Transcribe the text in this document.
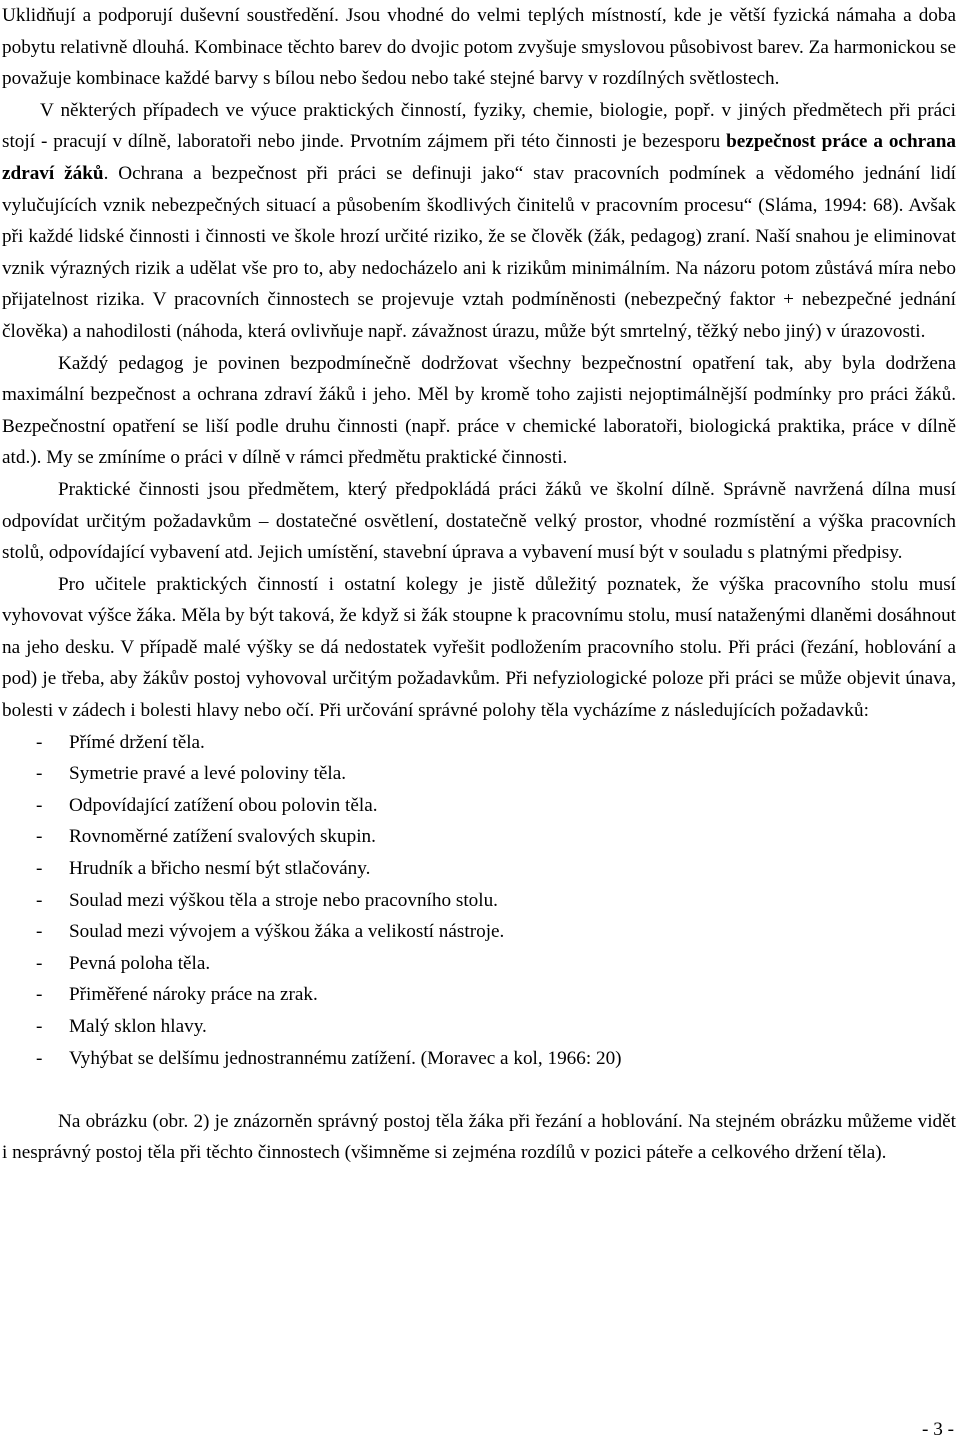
Uklidňují a podporují duševní soustředění. Jsou vhodné do velmi teplých místností, kde je větší fyzická námaha a doba pobytu relativně dlouhá. Kombinace těchto barev do dvojic potom zvyšuje smyslovou působivost barev. Za harmonickou se považuje kombinace každé barvy s bílou nebo šedou nebo také stejné barvy v rozdílných světlostech.

V některých případech ve výuce praktických činností, fyziky, chemie, biologie, popř. v jiných předmětech při práci stojí - pracují v dílně, laboratoři nebo jinde. Prvotním zájmem při této činnosti je bezesporu bezpečnost práce a ochrana zdraví žáků. Ochrana a bezpečnost při práci se definuji jako“ stav pracovních podmínek a vědomého jednání lidí vylučujících vznik nebezpečných situací a působením škodlivých činitelů v pracovním procesu“ (Sláma, 1994: 68). Avšak při každé lidské činnosti i činnosti ve škole hrozí určité riziko, že se člověk (žák, pedagog) zraní. Naší snahou je eliminovat vznik výrazných rizik a udělat vše pro to, aby nedocházelo ani k rizikům minimálním. Na názoru potom zůstává míra nebo přijatelnost rizika. V pracovních činnostech se projevuje vztah podmíněnosti (nebezpečný faktor + nebezpečné jednání člověka) a nahodilosti (náhoda, která ovlivňuje např. závažnost úrazu, může být smrtelný, těžký nebo jiný) v úrazovosti.

Každý pedagog je povinen bezpodmínečně dodržovat všechny bezpečnostní opatření tak, aby byla dodržena maximální bezpečnost a ochrana zdraví žáků i jeho. Měl by kromě toho zajisti nejoptimálnější podmínky pro práci žáků. Bezpečnostní opatření se liší podle druhu činnosti (např. práce v chemické laboratoři, biologická praktika, práce v dílně atd.). My se zmíníme o práci v dílně v rámci předmětu praktické činnosti.

Praktické činnosti jsou předmětem, který předpokládá práci žáků ve školní dílně. Správně navržená dílna musí odpovídat určitým požadavkům – dostatečné osvětlení, dostatečně velký prostor, vhodné rozmístění a výška pracovních stolů, odpovídající vybavení atd. Jejich umístění, stavební úprava a vybavení musí být v souladu s platnými předpisy.

Pro učitele praktických činností i ostatní kolegy je jistě důležitý poznatek, že výška pracovního stolu musí vyhovovat výšce žáka. Měla by být taková, že když si žák stoupne k pracovnímu stolu, musí nataženými dlaněmi dosáhnout na jeho desku. V případě malé výšky se dá nedostatek vyřešit podložením pracovního stolu. Při práci (řezání, hoblování a pod) je třeba, aby žákův postoj vyhovoval určitým požadavkům. Při nefyziologické poloze při práci se může objevit únava, bolesti v zádech i bolesti hlavy nebo očí. Při určování správné polohy těla vycházíme z následujících požadavků:

- Přímé držení těla.
- Symetrie pravé a levé poloviny těla.
- Odpovídající zatížení obou polovin těla.
- Rovnoměrné zatížení svalových skupin.
- Hrudník a břicho nesmí být stlačovány.
- Soulad mezi výškou těla a stroje nebo pracovního stolu.
- Soulad mezi vývojem a výškou žáka a velikostí nástroje.
- Pevná poloha těla.
- Přiměřené nároky práce na zrak.
- Malý sklon hlavy.
- Vyhýbat se delšímu jednostrannému zatížení. (Moravec a kol, 1966: 20)

Na obrázku (obr. 2) je znázorněn správný postoj těla žáka při řezání a hoblování. Na stejném obrázku můžeme vidět i nesprávný postoj těla při těchto činnostech (všimněme si zejména rozdílů v pozici páteře a celkového držení těla).

- 3 -
